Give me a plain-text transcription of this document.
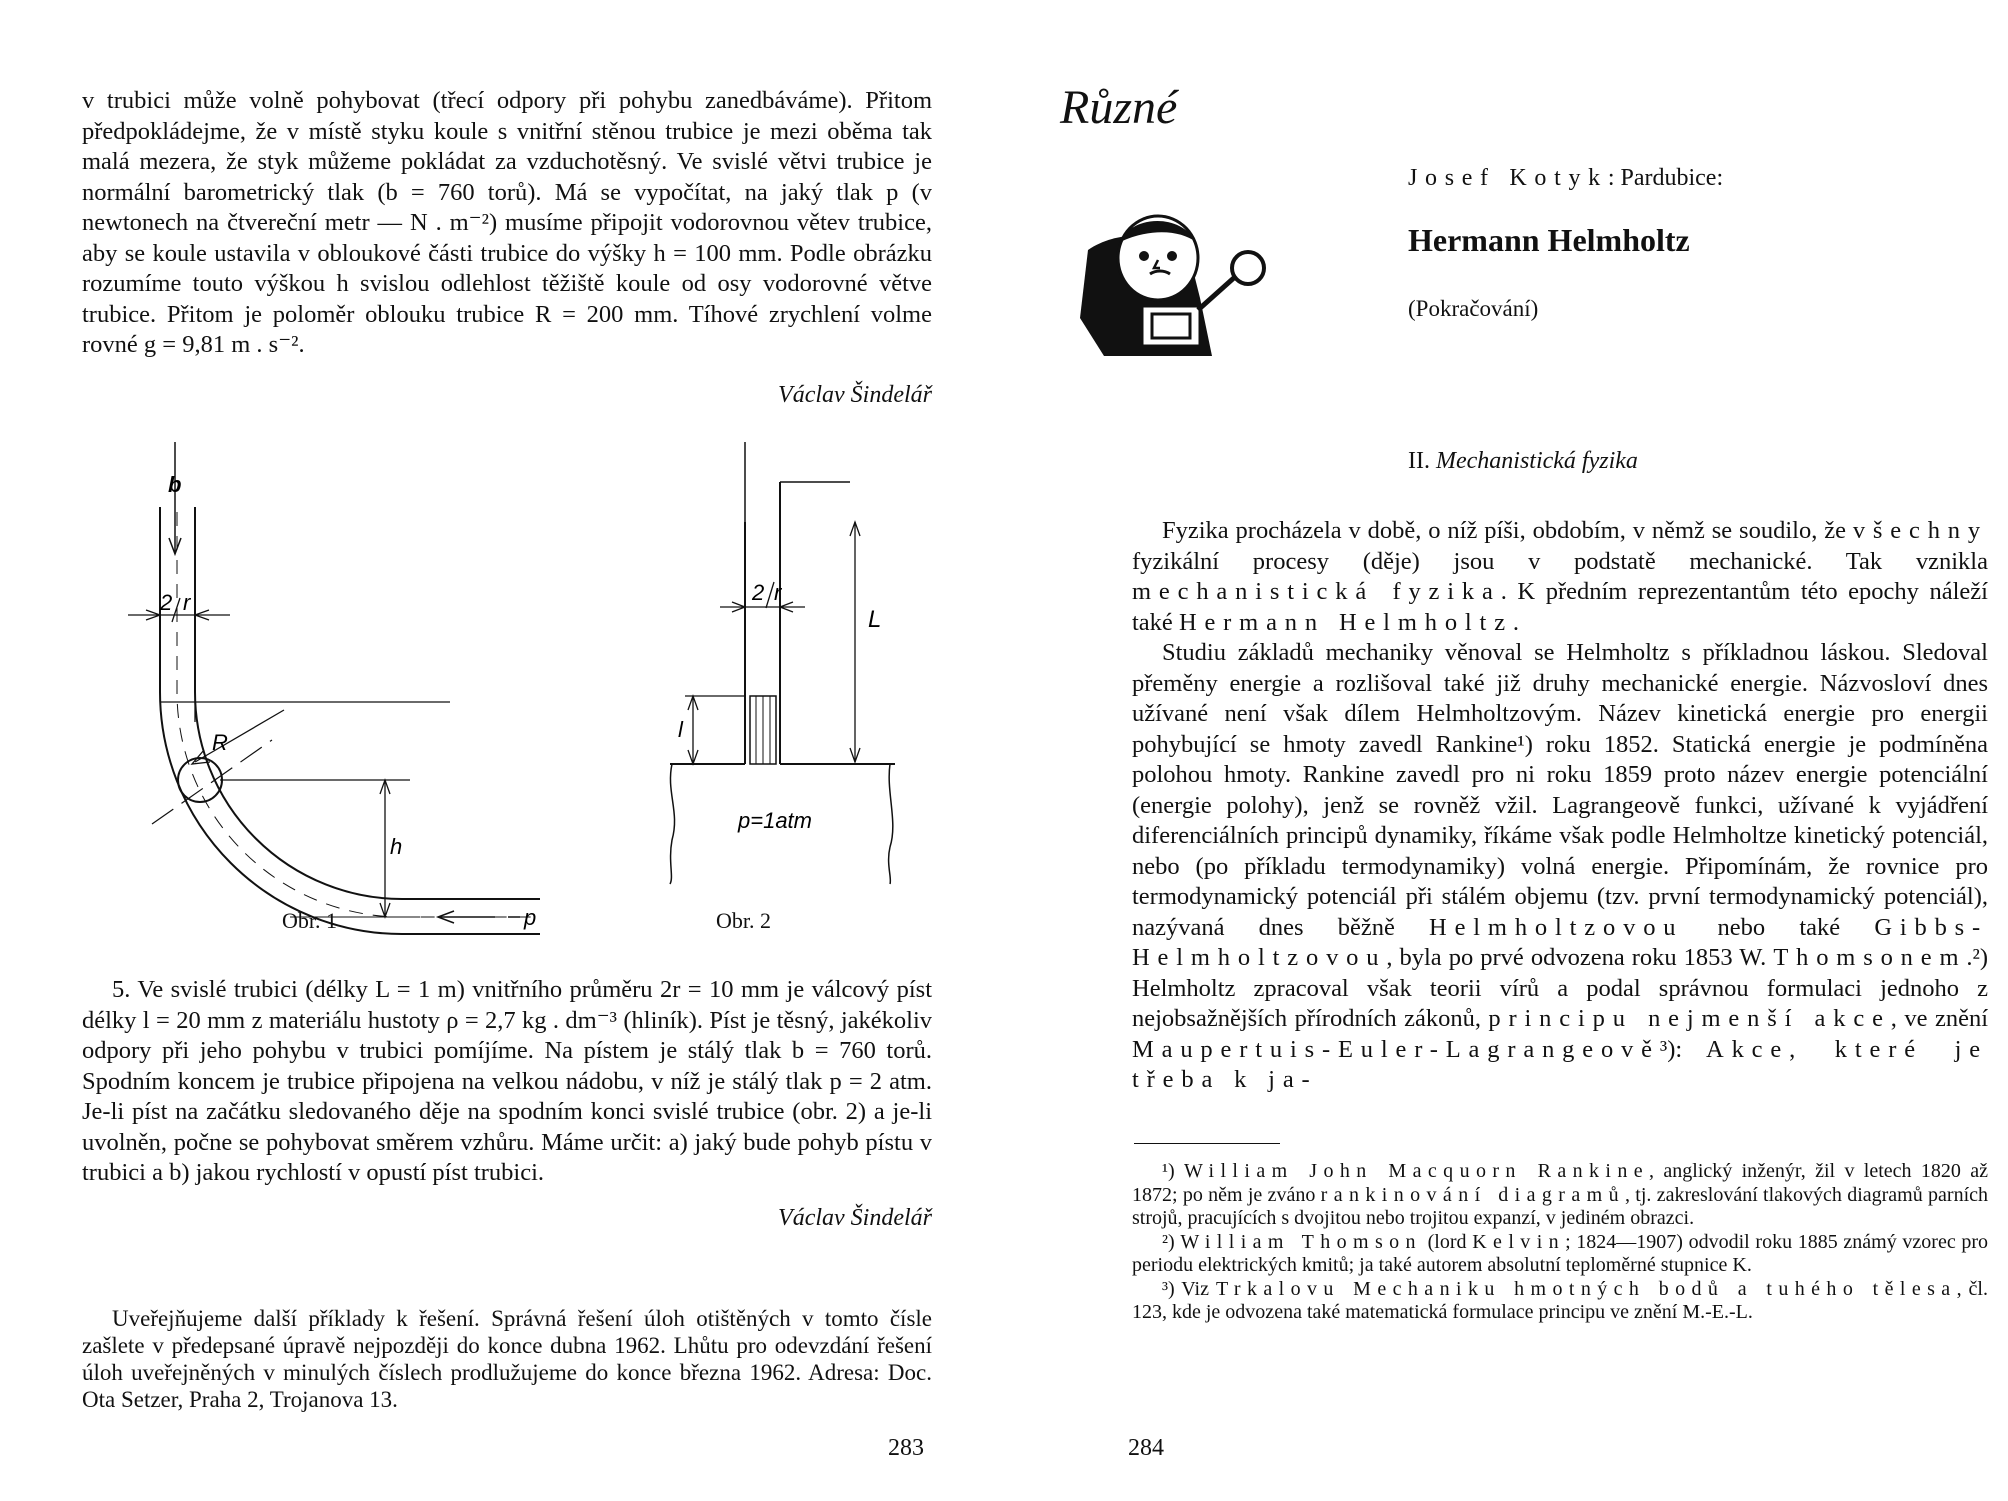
v trubici může volně pohybovat (třecí odpory při pohybu zanedbáváme). Přitom předpokládejme, že v místě styku koule s vnitřní stěnou trubice je mezi oběma tak malá mezera, že styk můžeme pokládat za vzduchotěsný. Ve svislé větvi trubice je normální barometrický tlak (b = 760 torů). Má se vypočítat, na jaký tlak p (v newtonech na čtvereční metr — N . m⁻²) musíme připojit vodorovnou větev trubice, aby se koule ustavila v obloukové části trubice do výšky h = 100 mm. Podle obrázku rozumíme touto výškou h svislou odlehlost těžiště koule od osy vodorovné větve trubice. Přitom je poloměr oblouku trubice R = 200 mm. Tíhové zrychlení volme rovné g = 9,81 m . s⁻².

Václav Šindelář
b
2 r
R
h
p
Obr. 1
2 r
L
l
p=1atm
Obr. 2

5. Ve svislé trubici (délky L = 1 m) vnitřního průměru 2r = 10 mm je válcový píst délky l = 20 mm z materiálu hustoty ρ = 2,7 kg . dm⁻³ (hliník). Píst je těsný, jakékoliv odpory při jeho pohybu v trubici pomíjíme. Na pístem je stálý tlak b = 760 torů. Spodním koncem je trubice připojena na velkou nádobu, v níž je stálý tlak p = 2 atm. Je-li píst na začátku sledovaného děje na spodním konci svislé trubice (obr. 2) a je-li uvolněn, počne se pohybovat směrem vzhůru. Máme určit: a) jaký bude pohyb pístu v trubici a b) jakou rychlostí v opustí píst trubici.

Václav Šindelář

Uveřejňujeme další příklady k řešení. Správná řešení úloh otištěných v tomto čísle zašlete v předepsané úpravě nejpozději do konce dubna 1962. Lhůtu pro odevzdání řešení úloh uveřejněných v minulých číslech prodlužujeme do konce března 1962. Adresa: Doc. Ota Setzer, Praha 2, Trojanova 13.

283
Různé
Josef Kotyk: Pardubice:
Hermann Helmholtz
(Pokračování)
II. Mechanistická fyzika

Fyzika procházela v době, o níž píši, obdobím, v němž se soudilo, že všechny fyzikální procesy (děje) jsou v podstatě mechanické. Tak vznikla mechanistická fyzika. K předním reprezentantům této epochy náleží také Hermann Helmholtz.

Studiu základů mechaniky věnoval se Helmholtz s příkladnou láskou. Sledoval přeměny energie a rozlišoval také již druhy mechanické energie. Názvosloví dnes užívané není však dílem Helmholtzovým. Název kinetická energie pro energii pohybující se hmoty zavedl Rankine¹) roku 1852. Statická energie je podmíněna polohou hmoty. Rankine zavedl pro ni roku 1859 proto název energie potenciální (energie polohy), jenž se rovněž vžil. Lagrangeově funkci, užívané k vyjádření diferenciálních principů dynamiky, říkáme však podle Helmholtze kinetický potenciál, nebo (po příkladu termodynamiky) volná energie. Připomínám, že rovnice pro termodynamický potenciál při stálém objemu (tzv. první termodynamický potenciál), nazývaná dnes běžně Helmholtzovou nebo také Gibbs-Helmholtzovou, byla po prvé odvozena roku 1853 W. Thomsonem.²) Helmholtz zpracoval však teorii vírů a podal správnou formulaci jednoho z nejobsažnějších přírodních zákonů, principu nejmenší akce, ve znění Maupertuis-Euler-Lagrangeově³): Akce, které je třeba k ja-

¹) William John Macquorn Rankine, anglický inženýr, žil v letech 1820 až 1872; po něm je zváno rankinování diagramů, tj. zakreslování tlakových diagramů parních strojů, pracujících s dvojitou nebo trojitou expanzí, v jediném obrazci.

²) William Thomson (lord Kelvin; 1824—1907) odvodil roku 1885 známý vzorec pro periodu elektrických kmitů; ja také autorem absolutní teploměrné stupnice K.

³) Viz Trkalovu Mechaniku hmotných bodů a tuhého tělesa, čl. 123, kde je odvozena také matematická formulace principu ve znění M.-E.-L.

284
